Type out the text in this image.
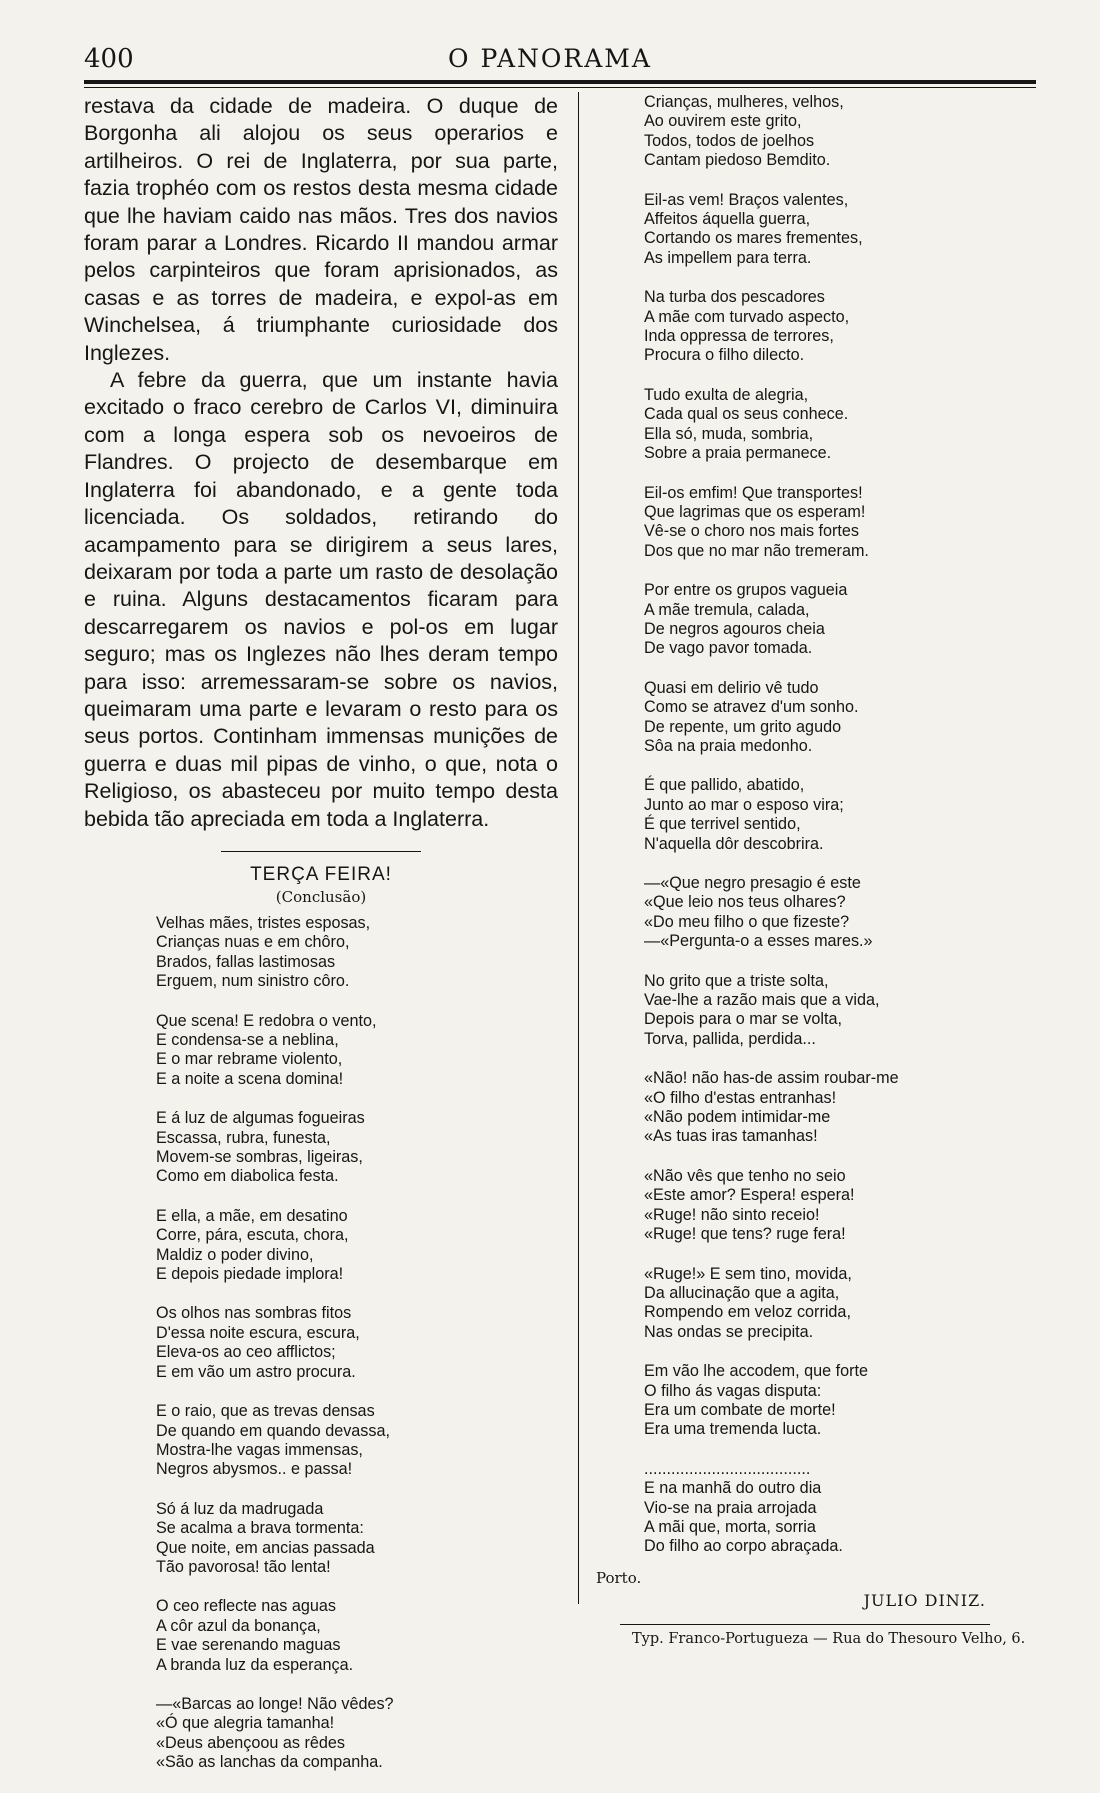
400	O PANORAMA

restava da cidade de madeira. O duque de Borgonha ali alojou os seus operarios e artilheiros. O rei de Inglaterra, por sua parte, fazia trophéo com os restos desta mesma cidade que lhe haviam caido nas mãos. Tres dos navios foram parar a Londres. Ricardo II mandou armar pelos carpinteiros que foram aprisionados, as casas e as torres de madeira, e expol-as em Winchelsea, á triumphante curiosidade dos Inglezes.

A febre da guerra, que um instante havia excitado o fraco cerebro de Carlos VI, diminuira com a longa espera sob os nevoeiros de Flandres. O projecto de desembarque em Inglaterra foi abandonado, e a gente toda licenciada. Os soldados, retirando do acampamento para se dirigirem a seus lares, deixaram por toda a parte um rasto de desolação e ruina. Alguns destacamentos ficaram para descarregarem os navios e pol-os em lugar seguro; mas os Inglezes não lhes deram tempo para isso: arremessaram-se sobre os navios, queimaram uma parte e levaram o resto para os seus portos. Continham immensas munições de guerra e duas mil pipas de vinho, o que, nota o Religioso, os abasteceu por muito tempo desta bebida tão apreciada em toda a Inglaterra.

TERÇA FEIRA!

(Conclusão)

Velhas mães, tristes esposas,
Crianças nuas e em chôro,
Brados, fallas lastimosas
Erguem, num sinistro côro.
Que scena! E redobra o vento,
E condensa-se a neblina,
E o mar rebrame violento,
E a noite a scena domina!
E á luz de algumas fogueiras
Escassa, rubra, funesta,
Movem-se sombras, ligeiras,
Como em diabolica festa.
E ella, a mãe, em desatino
Corre, pára, escuta, chora,
Maldiz o poder divino,
E depois piedade implora!
Os olhos nas sombras fitos
D'essa noite escura, escura,
Eleva-os ao ceo afflictos;
E em vão um astro procura.
E o raio, que as trevas densas
De quando em quando devassa,
Mostra-lhe vagas immensas,
Negros abysmos.. e passa!
Só á luz da madrugada
Se acalma a brava tormenta:
Que noite, em ancias passada
Tão pavorosa! tão lenta!
O ceo reflecte nas aguas
A côr azul da bonança,
E vae serenando maguas
A branda luz da esperança.
—«Barcas ao longe! Não vêdes?
«Ó que alegria tamanha!
«Deus abençoou as rêdes
«São as lanchas da companha.
Crianças, mulheres, velhos,
Ao ouvirem este grito,
Todos, todos de joelhos
Cantam piedoso Bemdito.
Eil-as vem! Braços valentes,
Affeitos áquella guerra,
Cortando os mares frementes,
As impellem para terra.
Na turba dos pescadores
A mãe com turvado aspecto,
Inda oppressa de terrores,
Procura o filho dilecto.
Tudo exulta de alegria,
Cada qual os seus conhece.
Ella só, muda, sombria,
Sobre a praia permanece.
Eil-os emfim! Que transportes!
Que lagrimas que os esperam!
Vê-se o choro nos mais fortes
Dos que no mar não tremeram.
Por entre os grupos vagueia
A mãe tremula, calada,
De negros agouros cheia
De vago pavor tomada.
Quasi em delirio vê tudo
Como se atravez d'um sonho.
De repente, um grito agudo
Sôa na praia medonho.
É que pallido, abatido,
Junto ao mar o esposo vira;
É que terrivel sentido,
N'aquella dôr descobrira.
—«Que negro presagio é este
«Que leio nos teus olhares?
«Do meu filho o que fizeste?
—«Pergunta-o a esses mares.»
No grito que a triste solta,
Vae-lhe a razão mais que a vida,
Depois para o mar se volta,
Torva, pallida, perdida...
«Não! não has-de assim roubar-me
«O filho d'estas entranhas!
«Não podem intimidar-me
«As tuas iras tamanhas!
«Não vês que tenho no seio
«Este amor? Espera! espera!
«Ruge! não sinto receio!
«Ruge! que tens? ruge fera!
«Ruge!» E sem tino, movida,
Da allucinação que a agita,
Rompendo em veloz corrida,
Nas ondas se precipita.
Em vão lhe accodem, que forte
O filho ás vagas disputa:
Era um combate de morte!
Era uma tremenda lucta.
.....................................
E na manhã do outro dia
Vio-se na praia arrojada
A mãi que, morta, sorria
Do filho ao corpo abraçada.
Porto.
JULIO DINIZ.
Typ. Franco-Portugueza — Rua do Thesouro Velho, 6.
